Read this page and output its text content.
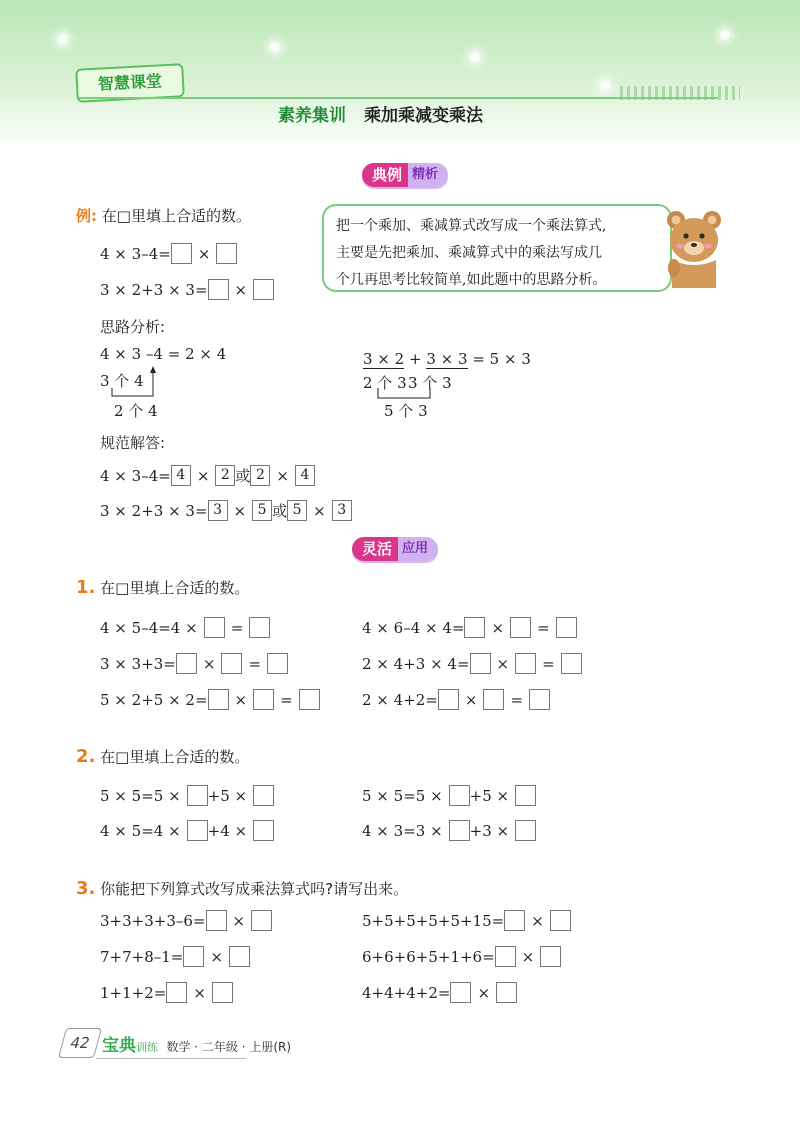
智慧课堂
素养集训 乘加乘减变乘法
典例 精析
例: 在□里填上合适的数。
4 × 3–4= ×
3 × 2+3 × 3= ×
把一个乘加、乘减算式改写成一个乘法算式,
主要是先把乘加、乘减算式中的乘法写成几
个几再思考比较简单,如此题中的思路分析。
思路分析:
4 × 3 –4 = 2 × 4
3 个 4
2 个 4
3 × 2 + 3 × 3 = 5 × 3
2 个 3 3 个 3
5 个 3
规范解答:
4 × 3–4= 4 × 2 或 2 × 4
3 × 2+3 × 3= 3 × 5 或 5 × 3
灵活 应用
1. 在□里填上合适的数。
4 × 5–4=4 × =
3 × 3+3= × =
5 × 2+5 × 2= × =
4 × 6–4 × 4= × =
2 × 4+3 × 4= × =
2 × 4+2= × =
2. 在□里填上合适的数。
5 × 5=5 × +5 ×
4 × 5=4 × +4 ×
5 × 5=5 × +5 ×
4 × 3=3 × +3 ×
3. 你能把下列算式改写成乘法算式吗?请写出来。
3+3+3+3–6= ×
7+7+8–1= ×
1+1+2= ×
5+5+5+5+5+15= ×
6+6+6+5+1+6= ×
4+4+4+2= ×
42 宝典训练 数学 · 二年级 · 上册(R)
